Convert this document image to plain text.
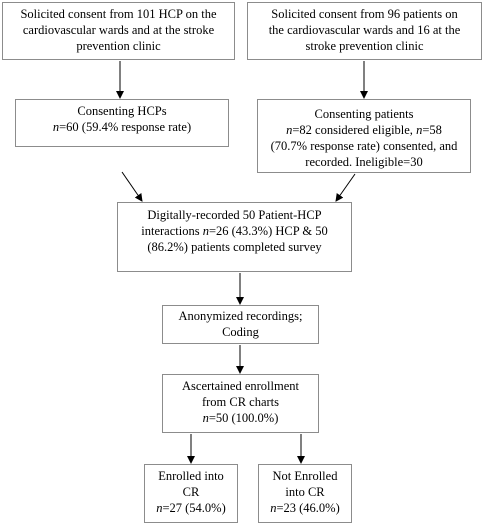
Solicited consent from 101 HCP on the
cardiovascular wards and at the stroke
prevention clinic
Solicited consent from 96 patients on
the cardiovascular wards and 16 at the
stroke prevention clinic
Consenting HCPs
n=60 (59.4% response rate)
Consenting patients
n=82 considered eligible, n=58
(70.7% response rate) consented, and
recorded. Ineligible=30
Digitally-recorded 50 Patient-HCP
interactions n=26 (43.3%) HCP & 50
(86.2%) patients completed survey
Anonymized recordings;
Coding
Ascertained enrollment
from CR charts
n=50 (100.0%)
Enrolled into
CR
n=27 (54.0%)
Not Enrolled
into CR
n=23 (46.0%)
